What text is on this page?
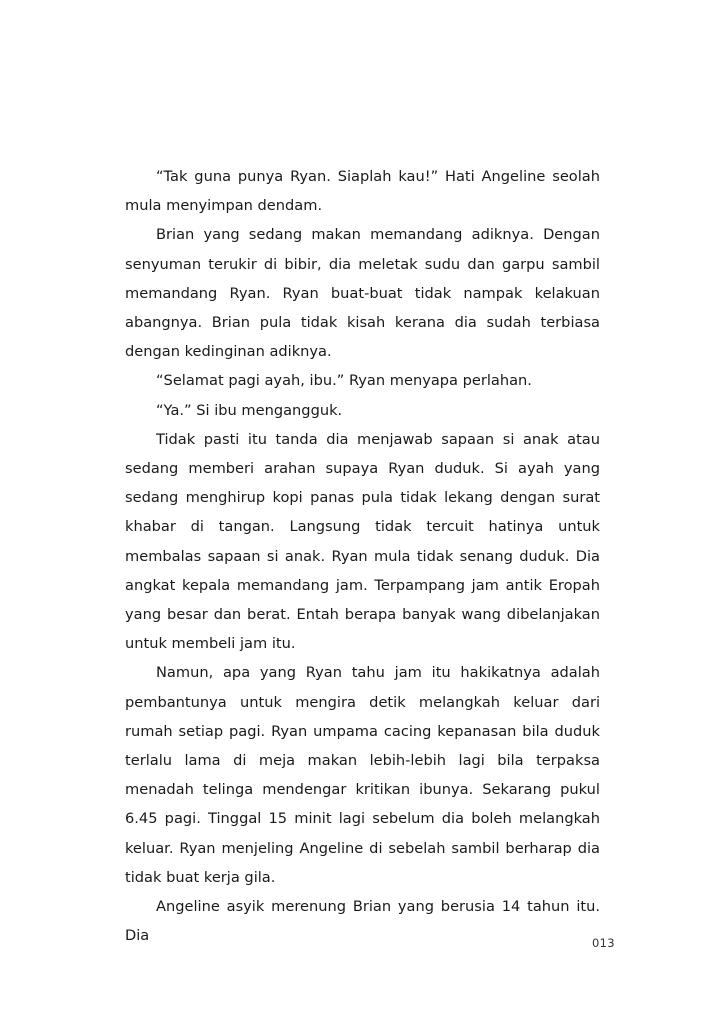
“Tak guna punya Ryan. Siaplah kau!” Hati Angeline seolah mula menyimpan dendam.

Brian yang sedang makan memandang adiknya. Dengan senyuman terukir di bibir, dia meletak sudu dan garpu sambil memandang Ryan. Ryan buat-buat tidak nampak kelakuan abangnya. Brian pula tidak kisah kerana dia sudah terbiasa dengan kedinginan adiknya.

“Selamat pagi ayah, ibu.” Ryan menyapa perlahan.

“Ya.” Si ibu mengangguk.

Tidak pasti itu tanda dia menjawab sapaan si anak atau sedang memberi arahan supaya Ryan duduk. Si ayah yang sedang menghirup kopi panas pula tidak lekang dengan surat khabar di tangan. Langsung tidak tercuit hatinya untuk membalas sapaan si anak. Ryan mula tidak senang duduk. Dia angkat kepala memandang jam. Terpampang jam antik Eropah yang besar dan berat. Entah berapa banyak wang dibelanjakan untuk membeli jam itu.

Namun, apa yang Ryan tahu jam itu hakikatnya adalah pembantunya untuk mengira detik melangkah keluar dari rumah setiap pagi. Ryan umpama cacing kepanasan bila duduk terlalu lama di meja makan lebih-lebih lagi bila terpaksa menadah telinga mendengar kritikan ibunya. Sekarang pukul 6.45 pagi. Tinggal 15 minit lagi sebelum dia boleh melangkah keluar. Ryan menjeling Angeline di sebelah sambil berharap dia tidak buat kerja gila.

Angeline asyik merenung Brian yang berusia 14 tahun itu. Dia	013
